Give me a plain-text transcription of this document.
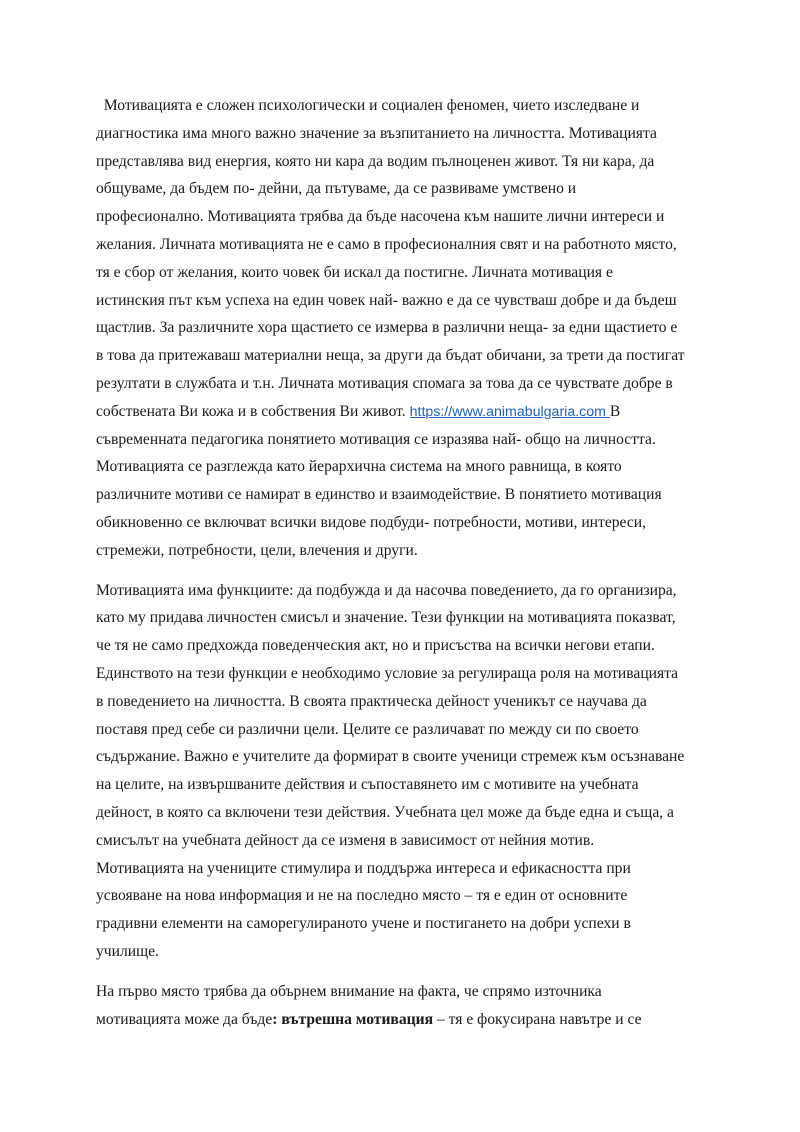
Мотивацията е сложен психологически и социален феномен, чието изследване и
диагностика има много важно значение за възпитанието на личността. Мотивацията
представлява вид енергия, която ни кара да водим пълноценен живот. Тя ни кара, да
общуваме, да бъдем по- дейни, да пътуваме, да се развиваме умствено и
професионално. Мотивацията трябва да бъде насочена към нашите лични интереси и
желания. Личната мотивацията не е само в професионалния свят и на работното място,
тя е сбор от желания, които човек би искал да постигне. Личната мотивация е
истинския път към успеха на един човек най- важно е да се чувстваш добре и да бъдеш
щастлив. За различните хора щастието се измерва в различни неща- за едни щастието е
в това да притежаваш материални неща, за други да бъдат обичани, за трети да постигат
резултати в службата и т.н. Личната мотивация спомага за това да се чувствате добре в
собствената Ви кожа и в собствения Ви живот. https://www.animabulgaria.com В
съвременната педагогика понятието мотивация се изразява най- общо на личността.
Мотивацията се разглежда като йерархична система на много равнища, в която
различните мотиви се намират в единство и взаимодействие. В понятието мотивация
обикновенно се включват всички видове подбуди- потребности, мотиви, интереси,
стремежи, потребности, цели, влечения и други.

Мотивацията има функциите: да подбужда и да насочва поведението, да го организира,
като му придава личностен смисъл и значение. Тези функции на мотивацията показват,
че тя не само предхожда поведенческия акт, но и присъства на всички негови етапи.
Единството на тези функции е необходимо условие за регулираща роля на мотивацията
в поведението на личността. В своята практическа дейност ученикът се научава да
поставя пред себе си различни цели. Целите се различават по между си по своето
съдържание. Важно е учителите да формират в своите ученици стремеж към осъзнаване
на целите, на извършваните действия и съпоставянето им с мотивите на учебната
дейност, в която са включени тези действия. Учебната цел може да бъде една и съща, а
смисълът на учебната дейност да се изменя в зависимост от нейния мотив.
Мотивацията на учениците стимулира и поддържа интереса и ефикасността при
усвояване на нова информация и не на последно място – тя е един от основните
градивни елементи на саморегулираното учене и постигането на добри успехи в
училище.

На първо място трябва да обърнем внимание на факта, че спрямо източника
мотивацията може да бъде: вътрешна мотивация – тя е фокусирана навътре и се
